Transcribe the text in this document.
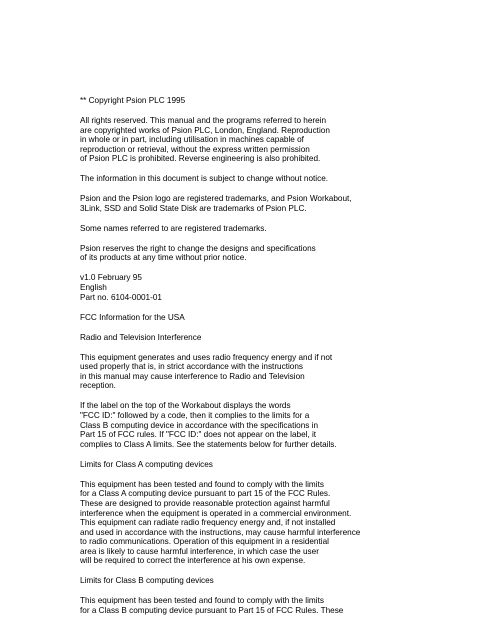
** Copyright Psion PLC 1995
All rights reserved. This manual and the programs referred to herein
are copyrighted works of Psion PLC, London, England. Reproduction
in whole or in part, including utilisation in machines capable of
reproduction or retrieval, without the express written permission
of Psion PLC is prohibited. Reverse engineering is also prohibited.
The information in this document is subject to change without notice.
Psion and the Psion logo are registered trademarks, and Psion Workabout,
3Link, SSD and Solid State Disk are trademarks of Psion PLC.
Some names referred to are registered trademarks.
Psion reserves the right to change the designs and specifications
of its products at any time without prior notice.
v1.0 February 95
English
Part no. 6104-0001-01
FCC Information for the USA
Radio and Television Interference
This equipment generates and uses radio frequency energy and if not
used properly that is, in strict accordance with the instructions
in this manual may cause interference to Radio and Television
reception.
If the label on the top of the Workabout displays the words
"FCC ID:" followed by a code, then it complies to the limits for a
Class B computing device in accordance with the specifications in
Part 15 of FCC rules. If "FCC ID:" does not appear on the label, it
complies to Class A limits. See the statements below for further details.
Limits for Class A computing devices
This equipment has been tested and found to comply with the limits
for a Class A computing device pursuant to part 15 of the FCC Rules.
These are designed to provide reasonable protection against harmful
interference when the equipment is operated in a commercial environment.
This equipment can radiate radio frequency energy and, if not installed
and used in accordance with the instructions, may cause harmful interference
to radio communications. Operation of this equipment in a residential
area is likely to cause harmful interference, in which case the user
will be required to correct the interference at his own expense.
Limits for Class B computing devices
This equipment has been tested and found to comply with the limits
for a Class B computing device pursuant to Part 15 of FCC Rules. These
